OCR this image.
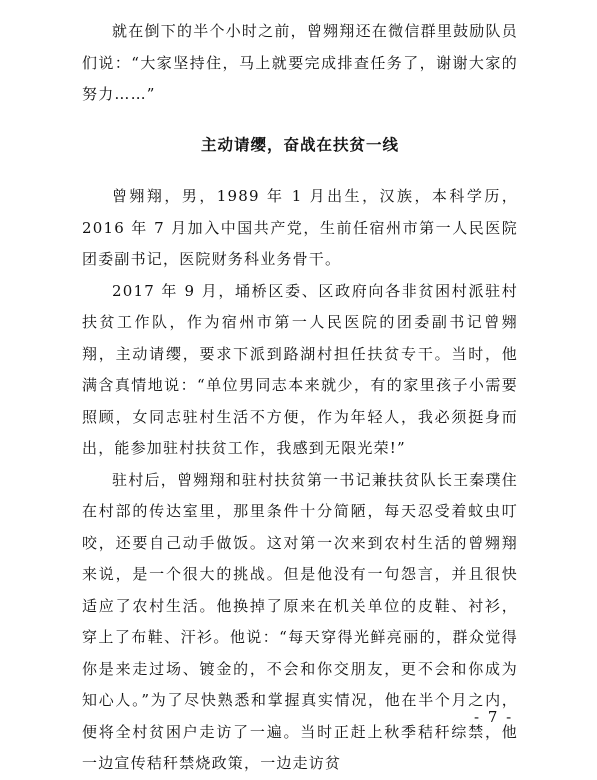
就在倒下的半个小时之前，曾翙翔还在微信群里鼓励队员们说：“大家坚持住，马上就要完成排查任务了，谢谢大家的努力……”

主动请缨，奋战在扶贫一线

曾翙翔，男，1989 年 1 月出生，汉族，本科学历，2016 年 7 月加入中国共产党，生前任宿州市第一人民医院团委副书记，医院财务科业务骨干。

2017 年 9 月，埇桥区委、区政府向各非贫困村派驻村扶贫工作队，作为宿州市第一人民医院的团委副书记曾翙翔，主动请缨，要求下派到路湖村担任扶贫专干。当时，他满含真情地说：“单位男同志本来就少，有的家里孩子小需要照顾，女同志驻村生活不方便，作为年轻人，我必须挺身而出，能参加驻村扶贫工作，我感到无限光荣!”

驻村后，曾翙翔和驻村扶贫第一书记兼扶贫队长王秦璞住在村部的传达室里，那里条件十分简陋，每天忍受着蚊虫叮咬，还要自己动手做饭。这对第一次来到农村生活的曾翙翔来说，是一个很大的挑战。但是他没有一句怨言，并且很快适应了农村生活。他换掉了原来在机关单位的皮鞋、衬衫，穿上了布鞋、汗衫。他说：“每天穿得光鲜亮丽的，群众觉得你是来走过场、镀金的，不会和你交朋友，更不会和你成为知心人。”为了尽快熟悉和掌握真实情况，他在半个月之内，便将全村贫困户走访了一遍。当时正赶上秋季秸秆综禁，他一边宣传秸秆禁烧政策，一边走访贫

- 7 -
